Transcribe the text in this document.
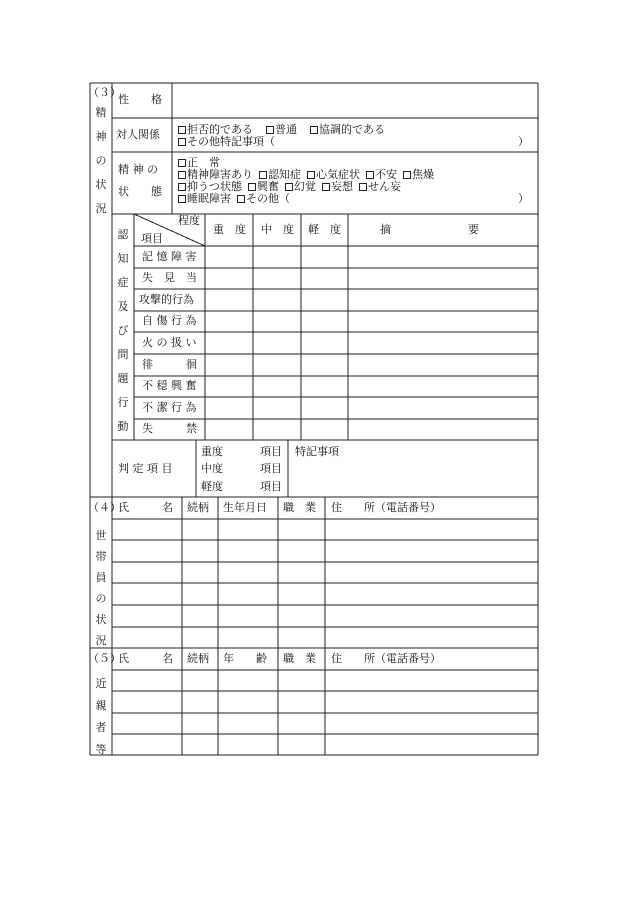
（３）
精
神
の
状
況
性　　格
対人関係	拒否的である 普通 協調的である
その他特記事項（	）
精 神 の
状　　態
正　常
精神障害あり 認知症 心気症状 不安 焦燥
抑うつ状態 興奮 幻覚 妄想 せん妄
睡眠障害 その他（	）
認
知
症
及
び
問
題
行
動
程度
項目
重　度 中　度 軽　度	摘　　　　　　　要
記 憶 障 害
失　見　当
攻撃的行為
自 傷 行 為
火 の 扱 い
徘　　　徊
不 穏 興 奮
不 潔 行 為
失　　　禁
判 定 項 目
重度	項目
中度	項目
軽度	項目
特記事項
（４）
世
帯
員
の
状
況
氏　　　名 続柄 生年月日 職　業 住　　所（電話番号）
（５）
近
親
者
等
氏　　　名 続柄 年　　齢 職　業 住　　所（電話番号）
